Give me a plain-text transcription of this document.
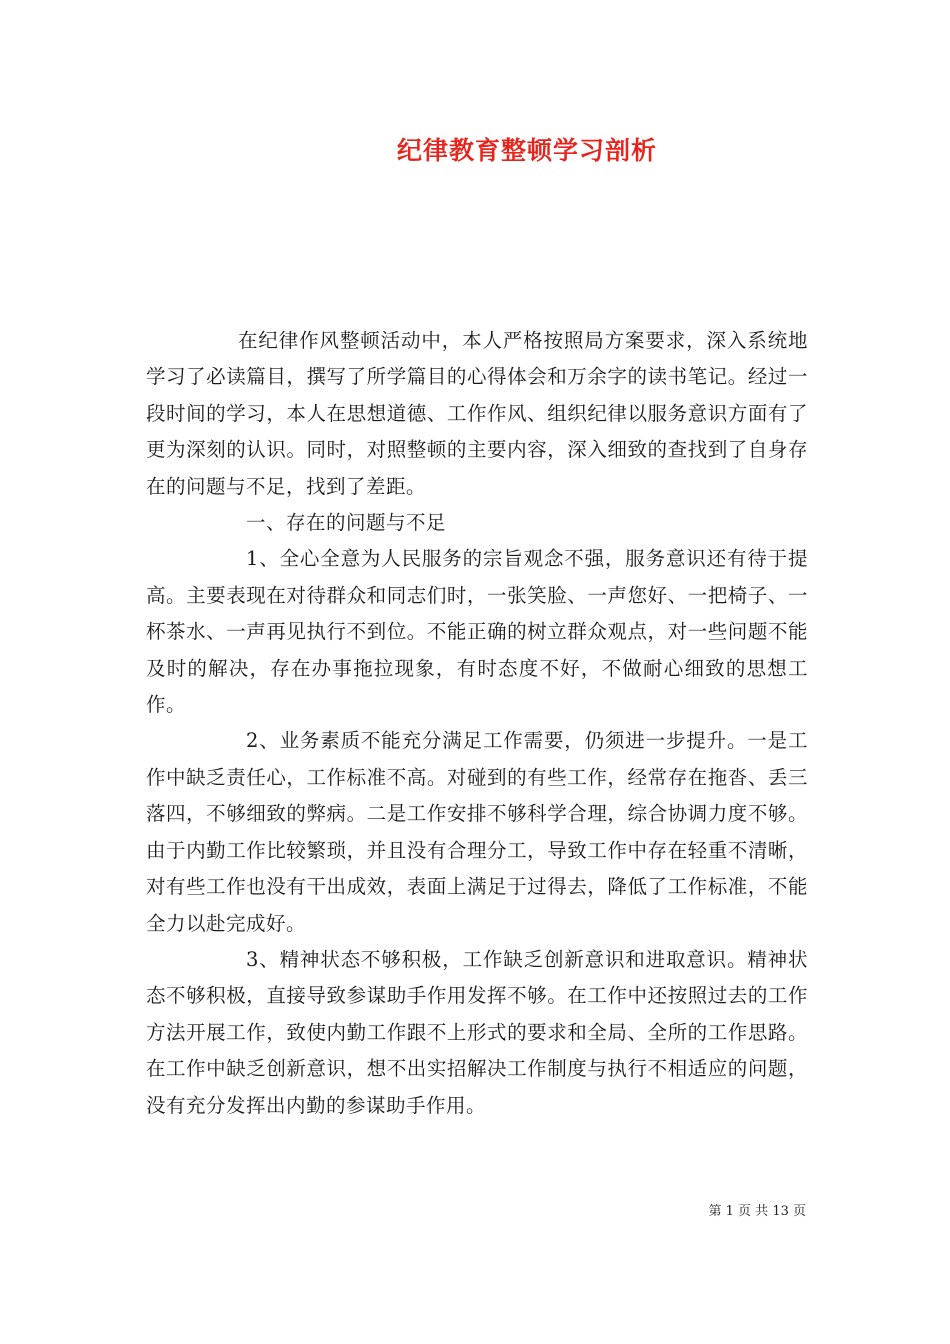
纪律教育整顿学习剖析

在纪律作风整顿活动中，本人严格按照局方案要求，深入系统地学习了必读篇目，撰写了所学篇目的心得体会和万余字的读书笔记。经过一段时间的学习，本人在思想道德、工作作风、组织纪律以服务意识方面有了更为深刻的认识。同时，对照整顿的主要内容，深入细致的查找到了自身存在的问题与不足，找到了差距。

一、存在的问题与不足

1、全心全意为人民服务的宗旨观念不强，服务意识还有待于提高。主要表现在对待群众和同志们时，一张笑脸、一声您好、一把椅子、一杯茶水、一声再见执行不到位。不能正确的树立群众观点，对一些问题不能及时的解决，存在办事拖拉现象，有时态度不好，不做耐心细致的思想工作。

2、业务素质不能充分满足工作需要，仍须进一步提升。一是工作中缺乏责任心，工作标准不高。对碰到的有些工作，经常存在拖沓、丢三落四，不够细致的弊病。二是工作安排不够科学合理，综合协调力度不够。由于内勤工作比较繁琐，并且没有合理分工，导致工作中存在轻重不清晰，对有些工作也没有干出成效，表面上满足于过得去，降低了工作标准，不能全力以赴完成好。

3、精神状态不够积极，工作缺乏创新意识和进取意识。精神状态不够积极，直接导致参谋助手作用发挥不够。在工作中还按照过去的工作方法开展工作，致使内勤工作跟不上形式的要求和全局、全所的工作思路。在工作中缺乏创新意识，想不出实招解决工作制度与执行不相适应的问题，没有充分发挥出内勤的参谋助手作用。

第 1 页 共 13 页
